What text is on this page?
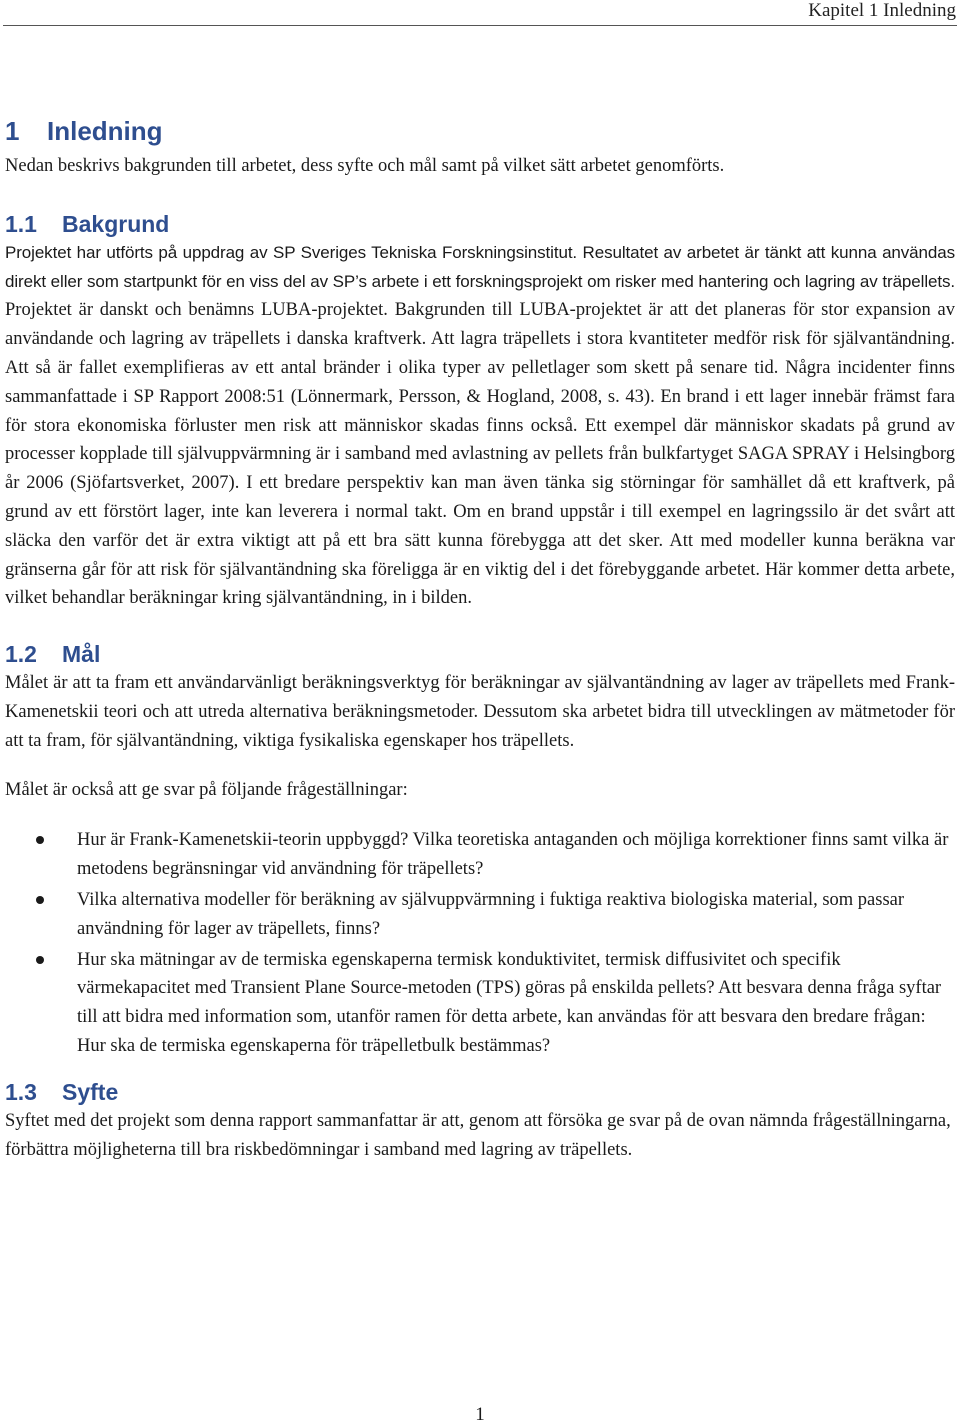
Kapitel 1 Inledning
1 Inledning

Nedan beskrivs bakgrunden till arbetet, dess syfte och mål samt på vilket sätt arbetet genomförts.

1.1 Bakgrund

Projektet har utförts på uppdrag av SP Sveriges Tekniska Forskningsinstitut. Resultatet av arbetet är tänkt att kunna användas direkt eller som startpunkt för en viss del av SP’s arbete i ett forskningsprojekt om risker med hantering och lagring av träpellets. Projektet är danskt och benämns LUBA-projektet. Bakgrunden till LUBA-projektet är att det planeras för stor expansion av användande och lagring av träpellets i danska kraftverk. Att lagra träpellets i stora kvantiteter medför risk för självantändning. Att så är fallet exemplifieras av ett antal bränder i olika typer av pelletlager som skett på senare tid. Några incidenter finns sammanfattade i SP Rapport 2008:51 (Lönnermark, Persson, & Hogland, 2008, s. 43). En brand i ett lager innebär främst fara för stora ekonomiska förluster men risk att människor skadas finns också. Ett exempel där människor skadats på grund av processer kopplade till självuppvärmning är i samband med avlastning av pellets från bulkfartyget SAGA SPRAY i Helsingborg år 2006 (Sjöfartsverket, 2007). I ett bredare perspektiv kan man även tänka sig störningar för samhället då ett kraftverk, på grund av ett förstört lager, inte kan leverera i normal takt. Om en brand uppstår i till exempel en lagringssilo är det svårt att släcka den varför det är extra viktigt att på ett bra sätt kunna förebygga att det sker. Att med modeller kunna beräkna var gränserna går för att risk för självantändning ska föreligga är en viktig del i det förebyggande arbetet. Här kommer detta arbete, vilket behandlar beräkningar kring självantändning, in i bilden.

1.2 Mål

Målet är att ta fram ett användarvänligt beräkningsverktyg för beräkningar av självantändning av lager av träpellets med Frank-Kamenetskii teori och att utreda alternativa beräkningsmetoder. Dessutom ska arbetet bidra till utvecklingen av mätmetoder för att ta fram, för självantändning, viktiga fysikaliska egenskaper hos träpellets.

Målet är också att ge svar på följande frågeställningar:

Hur är Frank-Kamenetskii-teorin uppbyggd? Vilka teoretiska antaganden och möjliga korrektioner finns samt vilka är metodens begränsningar vid användning för träpellets?
Vilka alternativa modeller för beräkning av självuppvärmning i fuktiga reaktiva biologiska material, som passar användning för lager av träpellets, finns?
Hur ska mätningar av de termiska egenskaperna termisk konduktivitet, termisk diffusivitet och specifik värmekapacitet med Transient Plane Source-metoden (TPS) göras på enskilda pellets? Att besvara denna fråga syftar till att bidra med information som, utanför ramen för detta arbete, kan användas för att besvara den bredare frågan: Hur ska de termiska egenskaperna för träpelletbulk bestämmas?
1.3 Syfte

Syftet med det projekt som denna rapport sammanfattar är att, genom att försöka ge svar på de ovan nämnda frågeställningarna, förbättra möjligheterna till bra riskbedömningar i samband med lagring av träpellets.

1
